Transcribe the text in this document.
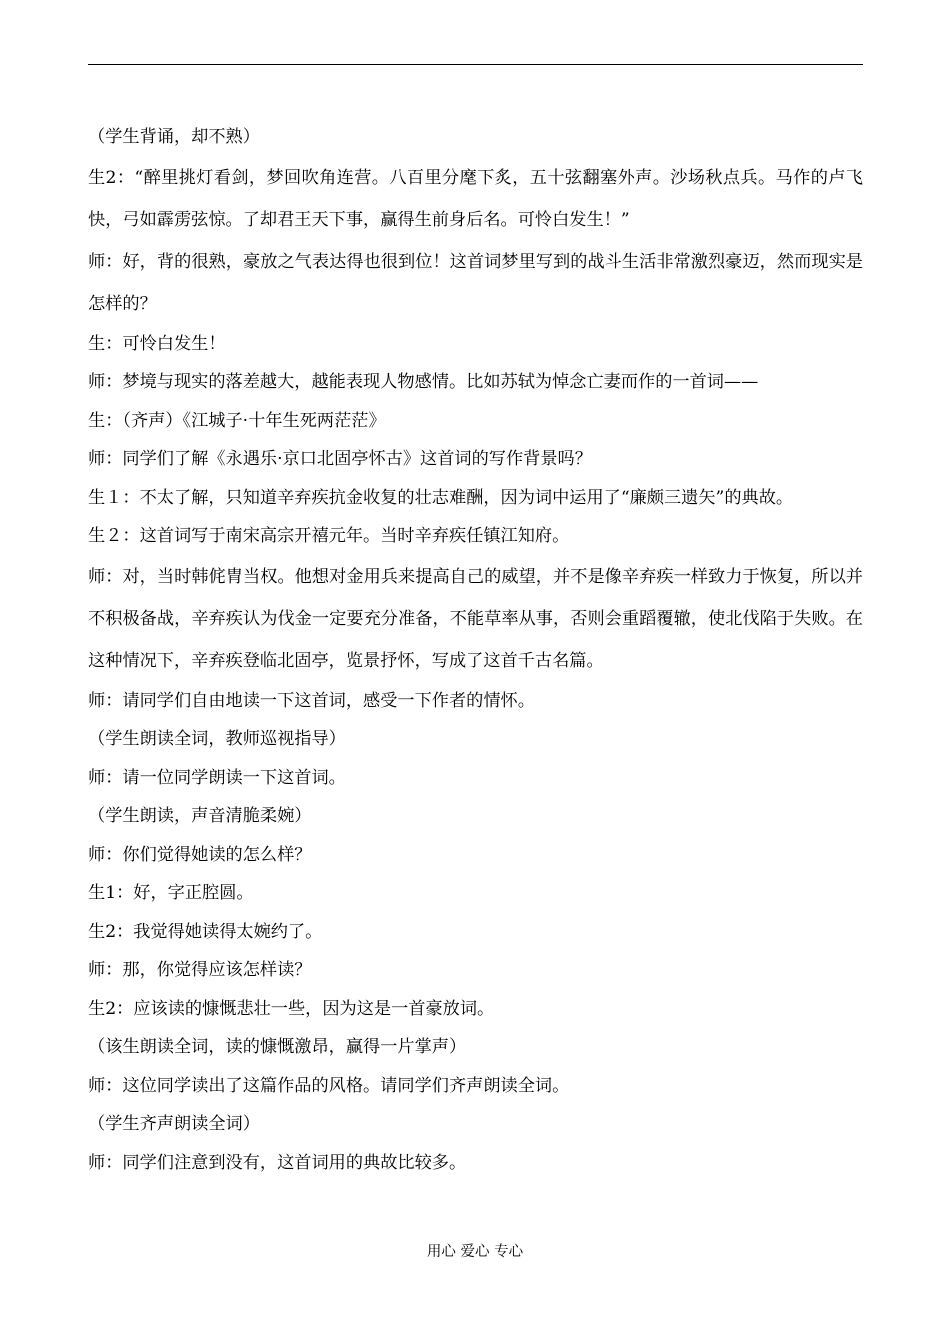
（学生背诵，却不熟）

生2：“醉里挑灯看剑，梦回吹角连营。八百里分麾下炙，五十弦翻塞外声。沙场秋点兵。马作的卢飞快，弓如霹雳弦惊。了却君王天下事，赢得生前身后名。可怜白发生！”

师：好，背的很熟，豪放之气表达得也很到位！这首词梦里写到的战斗生活非常激烈豪迈，然而现实是怎样的？

生：可怜白发生！

师：梦境与现实的落差越大，越能表现人物感情。比如苏轼为悼念亡妻而作的一首词——

生：（齐声）《江城子·十年生死两茫茫》

师：同学们了解《永遇乐·京口北固亭怀古》这首词的写作背景吗？

生１：不太了解，只知道辛弃疾抗金收复的壮志难酬，因为词中运用了“廉颇三遗矢”的典故。

生２：这首词写于南宋高宗开禧元年。当时辛弃疾任镇江知府。

师：对，当时韩侂胄当权。他想对金用兵来提高自己的威望，并不是像辛弃疾一样致力于恢复，所以并不积极备战，辛弃疾认为伐金一定要充分准备，不能草率从事，否则会重蹈覆辙，使北伐陷于失败。在这种情况下，辛弃疾登临北固亭，览景抒怀，写成了这首千古名篇。

师：请同学们自由地读一下这首词，感受一下作者的情怀。

（学生朗读全词，教师巡视指导）

师：请一位同学朗读一下这首词。

（学生朗读，声音清脆柔婉）

师：你们觉得她读的怎么样？

生1：好，字正腔圆。

生2：我觉得她读得太婉约了。

师：那，你觉得应该怎样读？

生2：应该读的慷慨悲壮一些，因为这是一首豪放词。

（该生朗读全词，读的慷慨激昂，赢得一片掌声）

师：这位同学读出了这篇作品的风格。请同学们齐声朗读全词。

（学生齐声朗读全词）

师：同学们注意到没有，这首词用的典故比较多。

用心 爱心 专心
